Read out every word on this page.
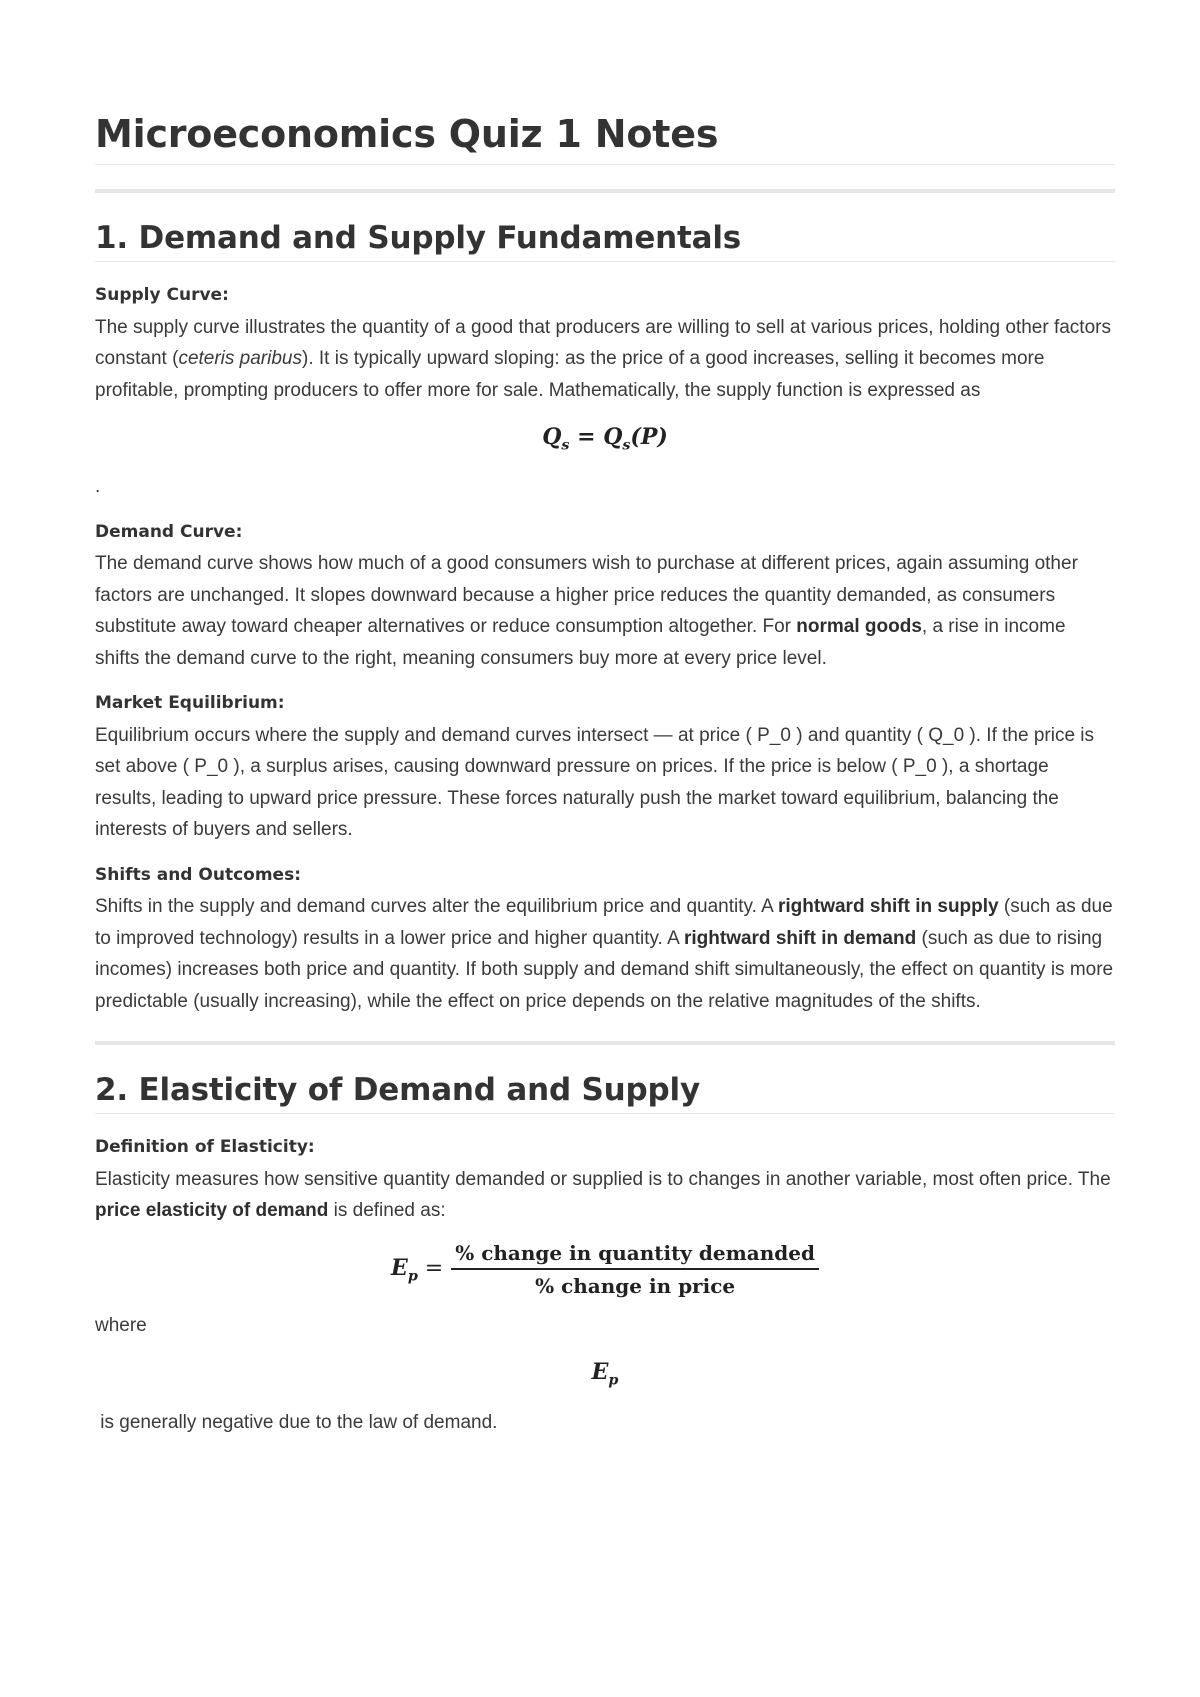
Microeconomics Quiz 1 Notes
1. Demand and Supply Fundamentals

Supply Curve:
The supply curve illustrates the quantity of a good that producers are willing to sell at various prices, holding other factors constant (ceteris paribus). It is typically upward sloping: as the price of a good increases, selling it becomes more profitable, prompting producers to offer more for sale. Mathematically, the supply function is expressed as

$Q_s = Q_s(P)$
.

Demand Curve:
The demand curve shows how much of a good consumers wish to purchase at different prices, again assuming other factors are unchanged. It slopes downward because a higher price reduces the quantity demanded, as consumers substitute away toward cheaper alternatives or reduce consumption altogether. For normal goods, a rise in income shifts the demand curve to the right, meaning consumers buy more at every price level.

Market Equilibrium:
Equilibrium occurs where the supply and demand curves intersect — at price ( P_0 ) and quantity ( Q_0 ). If the price is set above ( P_0 ), a surplus arises, causing downward pressure on prices. If the price is below ( P_0 ), a shortage results, leading to upward price pressure. These forces naturally push the market toward equilibrium, balancing the interests of buyers and sellers.

Shifts and Outcomes:
Shifts in the supply and demand curves alter the equilibrium price and quantity. A rightward shift in supply (such as due to improved technology) results in a lower price and higher quantity. A rightward shift in demand (such as due to rising incomes) increases both price and quantity. If both supply and demand shift simultaneously, the effect on quantity is more predictable (usually increasing), while the effect on price depends on the relative magnitudes of the shifts.

2. Elasticity of Demand and Supply

Definition of Elasticity:
Elasticity measures how sensitive quantity demanded or supplied is to changes in another variable, most often price. The price elasticity of demand is defined as:

$E_p = \frac{\text{\% change in quantity demanded}}{\text{\% change in price}}$
where
$E_p$
is generally negative due to the law of demand.
